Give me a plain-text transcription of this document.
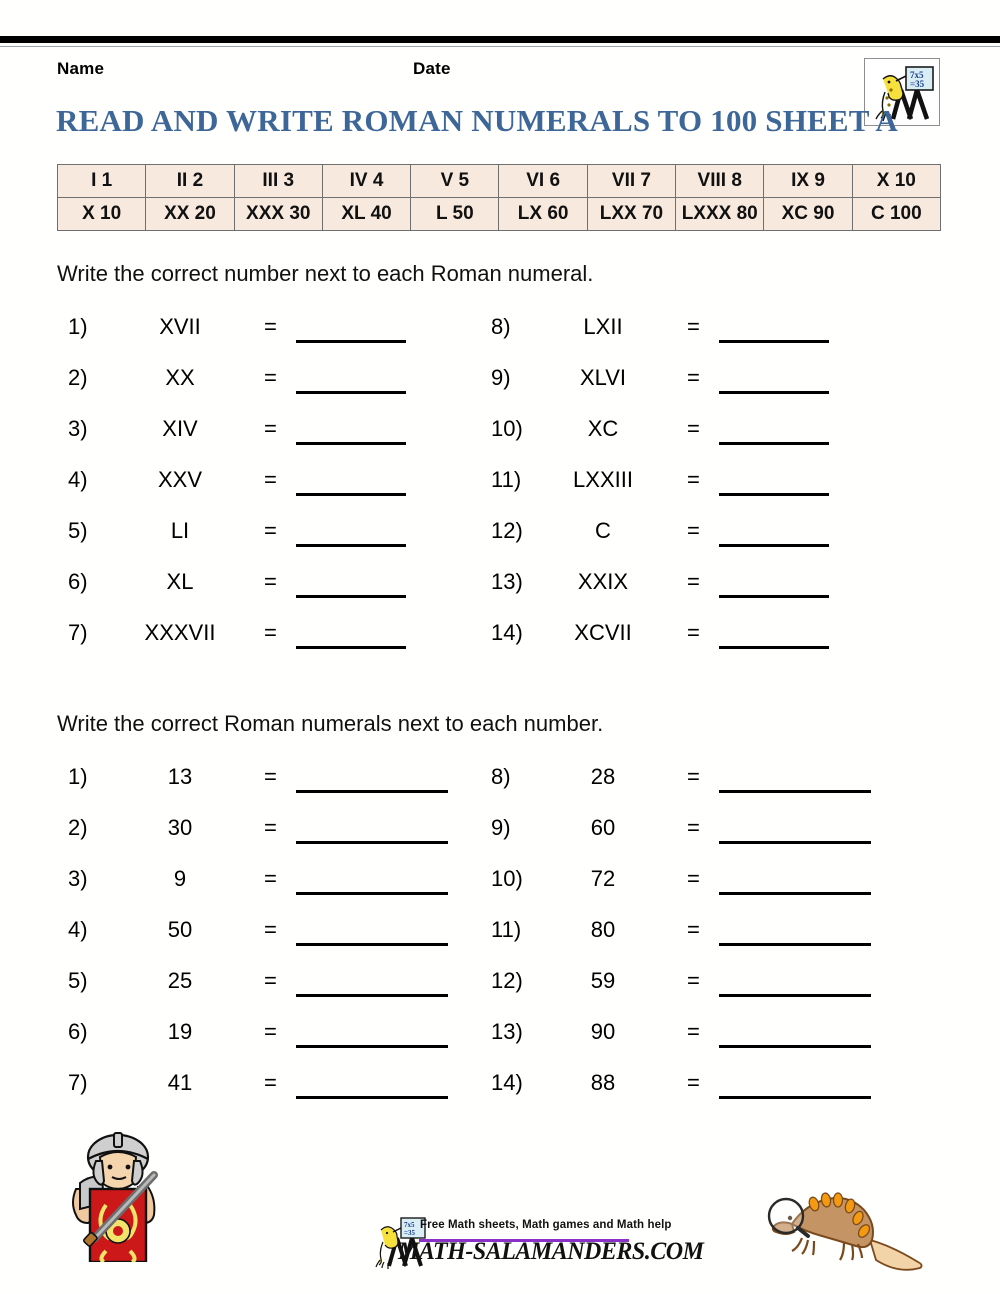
Name	Date	7x5
=35
READ AND WRITE ROMAN NUMERALS TO 100 SHEET A
I 1	II 2	III 3	IV 4	V 5	VI 6	VII 7	VIII 8	IX 9	X 10
X 10	XX 20	XXX 30	XL 40	L 50	LX 60	LXX 70	LXXX 80	XC 90	C 100
Write the correct number next to each Roman numeral.
1)	XVII	=
2)	XX	=
3)	XIV	=
4)	XXV	=
5)	LI	=
6)	XL	=
7)	XXXVII	=
8)	LXII	=
9)	XLVI	=
10)	XC	=
11)	LXXIII	=
12)	C	=
13)	XXIX	=
14)	XCVII	=
Write the correct Roman numerals next to each number.
1)	13	=
2)	30	=
3)	9	=
4)	50	=
5)	25	=
6)	19	=
7)	41	=
8)	28	=
9)	60	=
10)	72	=
11)	80	=
12)	59	=
13)	90	=
14)	88	=
7x5
=35
Free Math sheets, Math games and Math help
MATH-SALAMANDERS.COM
